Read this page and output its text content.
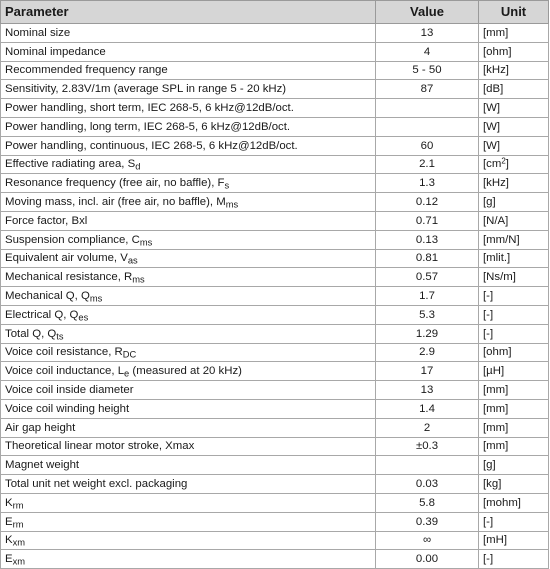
Parameter	Value	Unit
Nominal size	13	[mm]
Nominal impedance	4	[ohm]
Recommended frequency range	5 - 50	[kHz]
Sensitivity, 2.83V/1m (average SPL in range 5 - 20 kHz)	87	[dB]
Power handling, short term, IEC 268-5, 6 kHz@12dB/oct.		[W]
Power handling, long term, IEC 268-5, 6 kHz@12dB/oct.		[W]
Power handling, continuous, IEC 268-5, 6 kHz@12dB/oct.	60	[W]
Effective radiating area, $S_d$	2.1	$[cm^2]$
Resonance frequency (free air, no baffle), $F_s$	1.3	[kHz]
Moving mass, incl. air (free air, no baffle), $M_{ms}$	0.12	[g]
Force factor, Bxl	0.71	[N/A]
Suspension compliance, $C_{ms}$	0.13	[mm/N]
Equivalent air volume, $V_{as}$	0.81	[mlit.]
Mechanical resistance, $R_{ms}$	0.57	[Ns/m]
Mechanical Q, $Q_{ms}$	1.7	[-]
Electrical Q, $Q_{es}$	5.3	[-]
Total Q, $Q_{ts}$	1.29	[-]
Voice coil resistance, $R_{DC}$	2.9	[ohm]
Voice coil inductance, $L_e$ (measured at 20 kHz)	17	[µH]
Voice coil inside diameter	13	[mm]
Voice coil winding height	1.4	[mm]
Air gap height	2	[mm]
Theoretical linear motor stroke, Xmax	±0.3	[mm]
Magnet weight		[g]
Total unit net weight excl. packaging	0.03	[kg]
$K_{rm}$	5.8	[mohm]
$E_{rm}$	0.39	[-]
$K_{xm}$	∞	[mH]
$E_{xm}$	0.00	[-]
